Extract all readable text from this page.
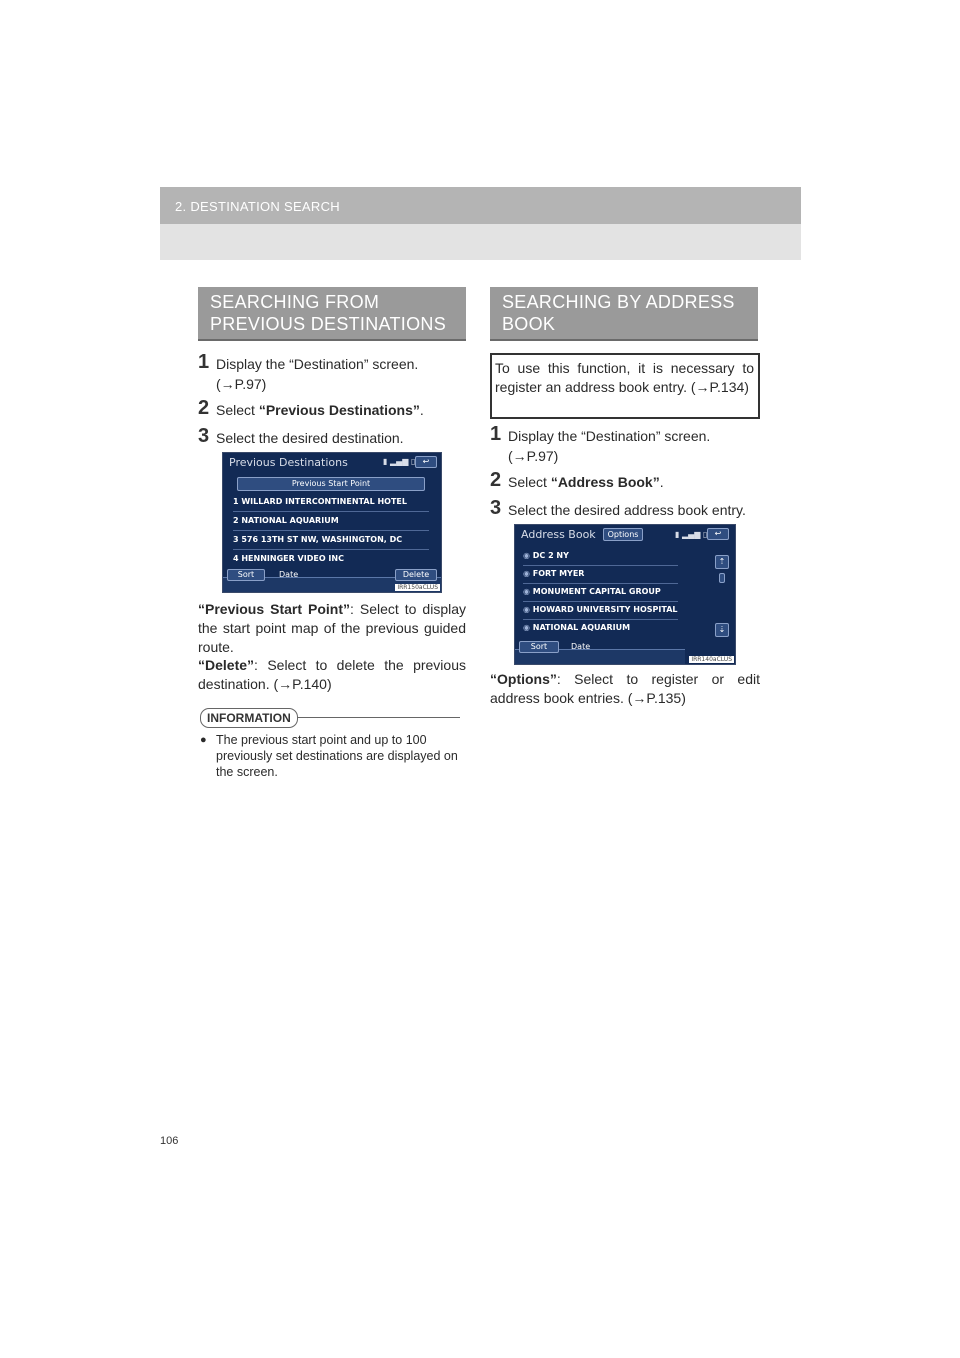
2. DESTINATION SEARCH
SEARCHING FROM
PREVIOUS DESTINATIONS
1 Display the “Destination” screen.
(→P.97)
2 Select “Previous Destinations”.
3 Select the desired destination.
Previous Destinations	▮ ▂▄▆ ▯ ↩
Previous Start Point
1 WILLARD INTERCONTINENTAL HOTEL
2 NATIONAL AQUARIUM
3 576 13TH ST NW, WASHINGTON, DC
4 HENNINGER VIDEO INC
Sort	Date	Delete
IRR150aCLUS
“Previous Start Point”: Select to display the start point map of the previous guided route.
“Delete”: Select to delete the previous destination. (→P.140)
INFORMATION
● The previous start point and up to 100 previously set destinations are displayed on the screen.
SEARCHING BY ADDRESS
BOOK
To use this function, it is necessary to register an address book entry. (→P.134)
1 Display the “Destination” screen.
(→P.97)
2 Select “Address Book”.
3 Select the desired address book entry.
Address Book	Options	▮ ▂▄▆ ▯ ↩
◉ DC 2 NY
◉ FORT MYER
◉ MONUMENT CAPITAL GROUP
◉ HOWARD UNIVERSITY HOSPITAL
◉ NATIONAL AQUARIUM
⇡
⇣
Sort	Date
IRR140aCLUS
“Options”: Select to register or edit address book entries. (→P.135)
106
